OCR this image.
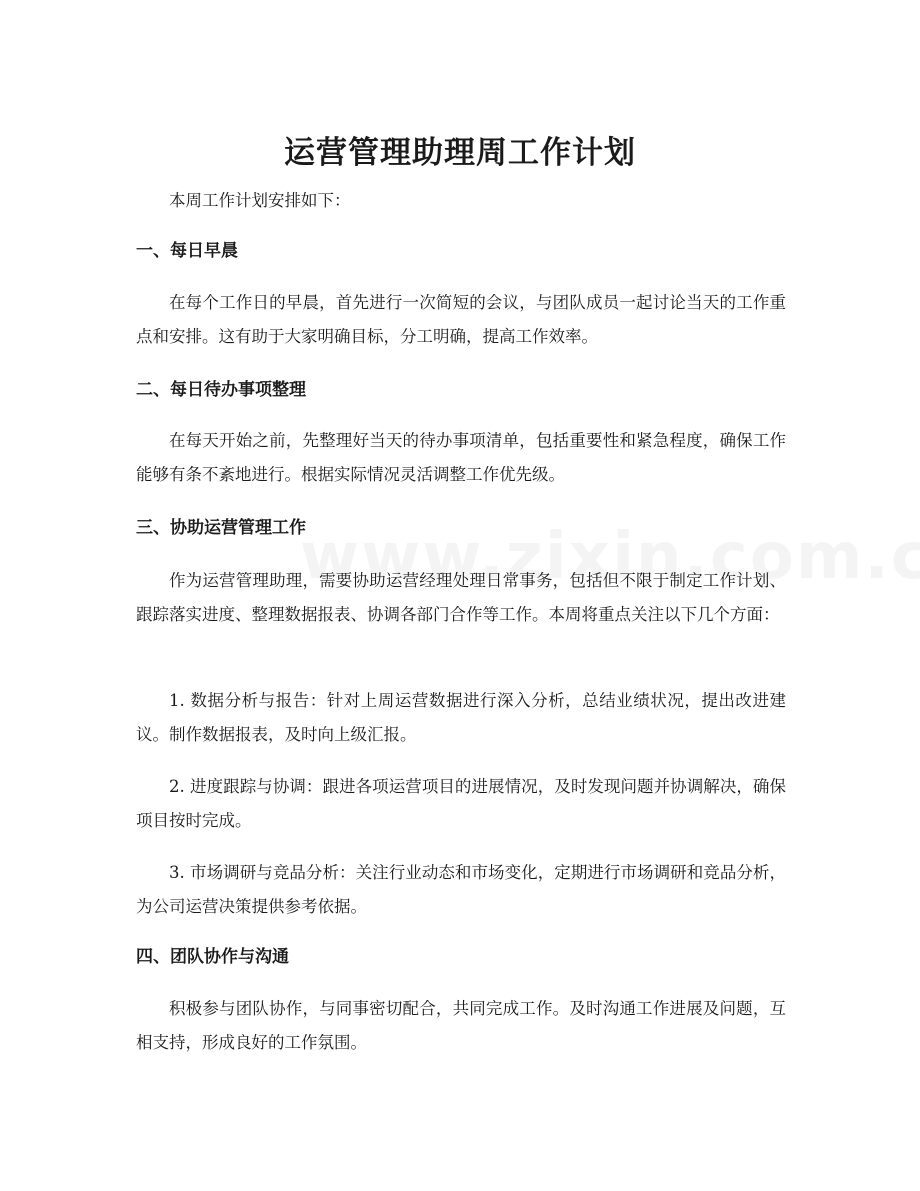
运营管理助理周工作计划

本周工作计划安排如下：

一、每日早晨

在每个工作日的早晨，首先进行一次简短的会议，与团队成员一起讨论当天的工作重点和安排。这有助于大家明确目标，分工明确，提高工作效率。

二、每日待办事项整理

在每天开始之前，先整理好当天的待办事项清单，包括重要性和紧急程度，确保工作能够有条不紊地进行。根据实际情况灵活调整工作优先级。

三、协助运营管理工作

作为运营管理助理，需要协助运营经理处理日常事务，包括但不限于制定工作计划、跟踪落实进度、整理数据报表、协调各部门合作等工作。本周将重点关注以下几个方面：

1. 数据分析与报告：针对上周运营数据进行深入分析，总结业绩状况，提出改进建议。制作数据报表，及时向上级汇报。

2. 进度跟踪与协调：跟进各项运营项目的进展情况，及时发现问题并协调解决，确保项目按时完成。

3. 市场调研与竞品分析：关注行业动态和市场变化，定期进行市场调研和竞品分析，为公司运营决策提供参考依据。

四、团队协作与沟通

积极参与团队协作，与同事密切配合，共同完成工作。及时沟通工作进展及问题，互相支持，形成良好的工作氛围。
